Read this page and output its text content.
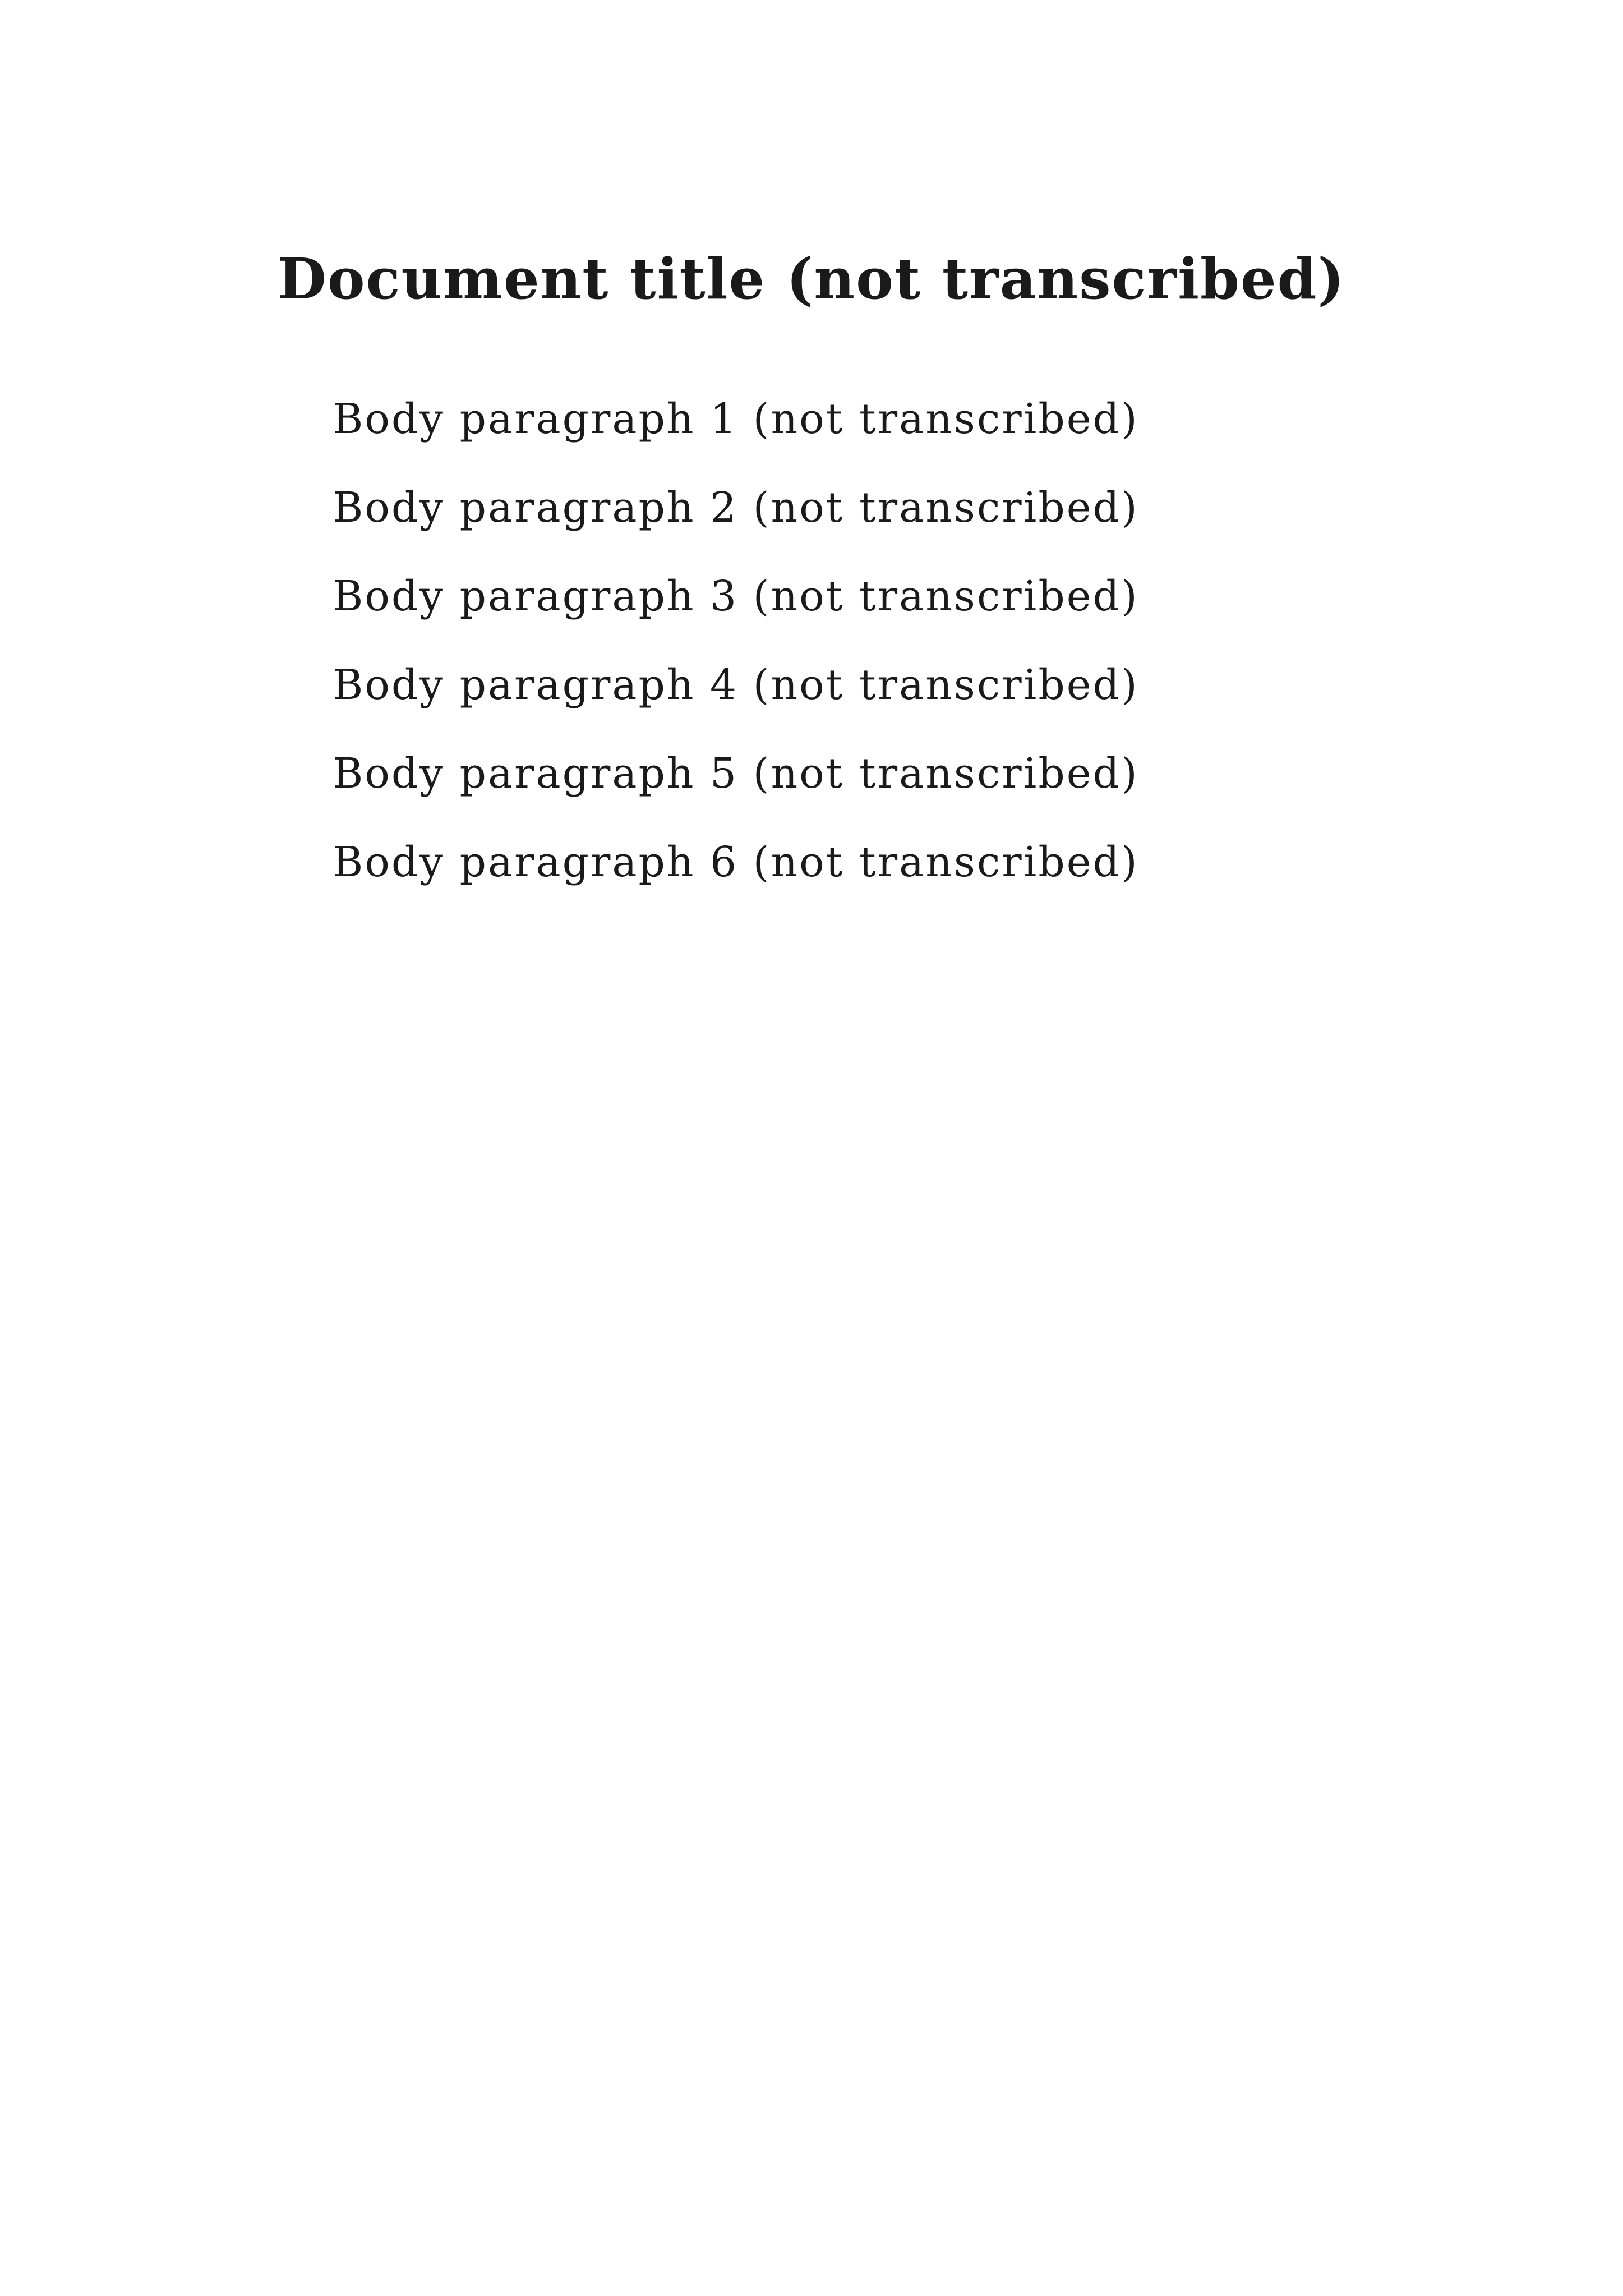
Document title (not transcribed)

Body paragraph 1 (not transcribed)

Body paragraph 2 (not transcribed)

Body paragraph 3 (not transcribed)

Body paragraph 4 (not transcribed)

Body paragraph 5 (not transcribed)

Body paragraph 6 (not transcribed)
